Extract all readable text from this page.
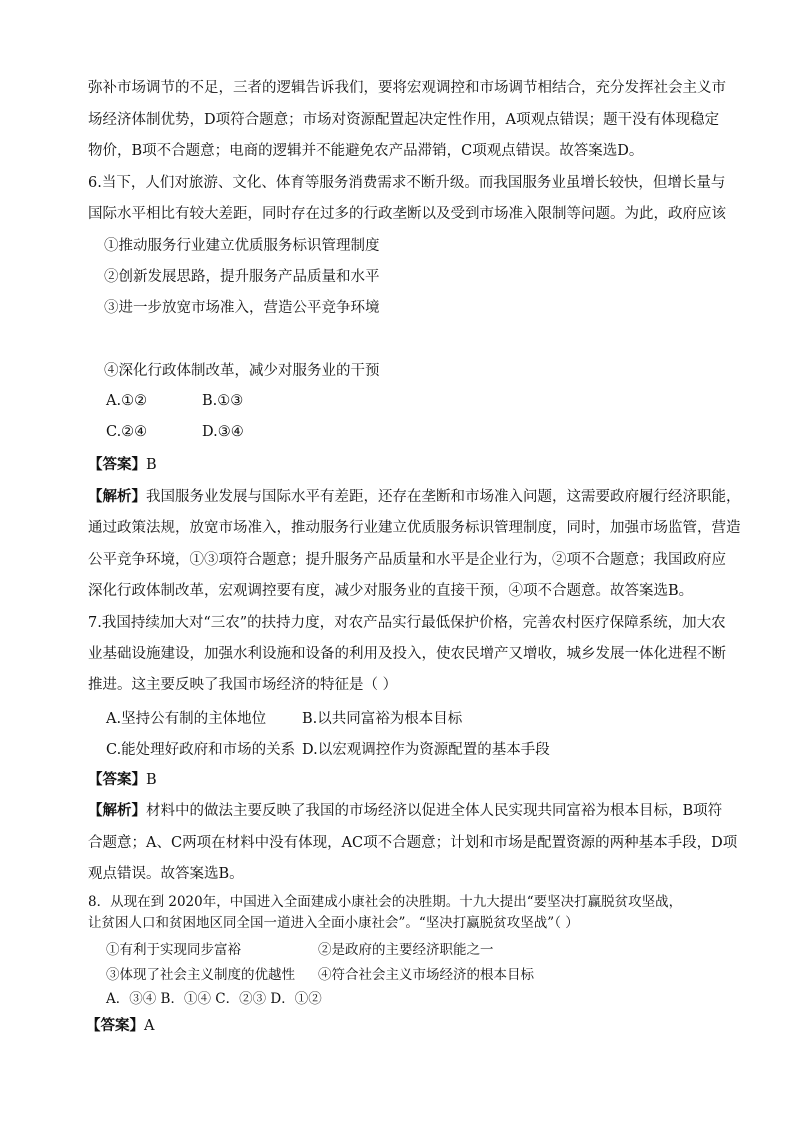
弥补市场调节的不足，三者的逻辑告诉我们，要将宏观调控和市场调节相结合，充分发挥社会主义市
场经济体制优势，D项符合题意；市场对资源配置起决定性作用，A项观点错误；题干没有体现稳定
物价，B项不合题意；电商的逻辑并不能避免农产品滞销，C项观点错误。故答案选D。
6.当下，人们对旅游、文化、体育等服务消费需求不断升级。而我国服务业虽增长较快，但增长量与
国际水平相比有较大差距，同时存在过多的行政垄断以及受到市场准入限制等问题。为此，政府应该
①推动服务行业建立优质服务标识管理制度
②创新发展思路，提升服务产品质量和水平
③进一步放宽市场准入，营造公平竞争环境
④深化行政体制改革，减少对服务业的干预
A.①②	B.①③
C.②④	D.③④
【答案】B
【解析】我国服务业发展与国际水平有差距，还存在垄断和市场准入问题，这需要政府履行经济职能，
通过政策法规，放宽市场准入，推动服务行业建立优质服务标识管理制度，同时，加强市场监管，营造
公平竞争环境，①③项符合题意；提升服务产品质量和水平是企业行为，②项不合题意；我国政府应
深化行政体制改革，宏观调控要有度，减少对服务业的直接干预，④项不合题意。故答案选B。
7.我国持续加大对“三农”的扶持力度，对农产品实行最低保护价格，完善农村医疗保障系统，加大农
业基础设施建设，加强水利设施和设备的利用及投入，使农民增产又增收，城乡发展一体化进程不断
推进。这主要反映了我国市场经济的特征是（ ）
A.坚持公有制的主体地位 B.以共同富裕为根本目标
C.能处理好政府和市场的关系 D.以宏观调控作为资源配置的基本手段
【答案】B
【解析】材料中的做法主要反映了我国的市场经济以促进全体人民实现共同富裕为根本目标，B项符
合题意；A、C两项在材料中没有体现，AC项不合题意；计划和市场是配置资源的两种基本手段，D项
观点错误。故答案选B。
8．从现在到 2020年，中国进入全面建成小康社会的决胜期。十九大提出“要坚决打赢脱贫攻坚战，
让贫困人口和贫困地区同全国一道进入全面小康社会”。“坚决打赢脱贫攻坚战”（ ）
①有利于实现同步富裕	②是政府的主要经济职能之一
③体现了社会主义制度的优越性 ④符合社会主义市场经济的根本目标
A．③④ B．①④ C．②③ D．①②
【答案】A
